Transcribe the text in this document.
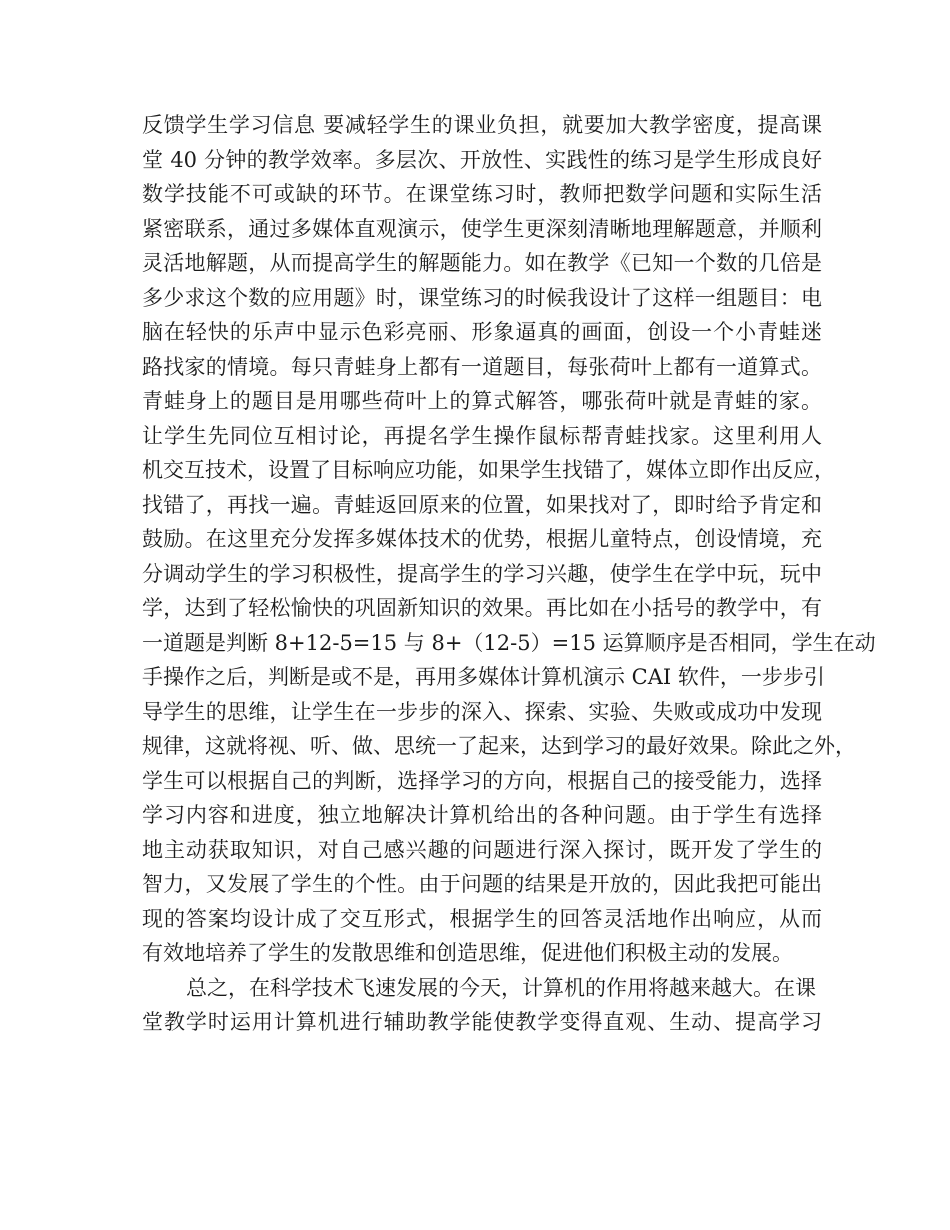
反馈学生学习信息 要减轻学生的课业负担，就要加大教学密度，提高课
堂 40 分钟的教学效率。多层次、开放性、实践性的练习是学生形成良好
数学技能不可或缺的环节。在课堂练习时，教师把数学问题和实际生活
紧密联系，通过多媒体直观演示，使学生更深刻清晰地理解题意，并顺利
灵活地解题，从而提高学生的解题能力。如在教学《已知一个数的几倍是
多少求这个数的应用题》时，课堂练习的时候我设计了这样一组题目：电
脑在轻快的乐声中显示色彩亮丽、形象逼真的画面，创设一个小青蛙迷
路找家的情境。每只青蛙身上都有一道题目，每张荷叶上都有一道算式。
青蛙身上的题目是用哪些荷叶上的算式解答，哪张荷叶就是青蛙的家。
让学生先同位互相讨论，再提名学生操作鼠标帮青蛙找家。这里利用人
机交互技术，设置了目标响应功能，如果学生找错了，媒体立即作出反应，
找错了，再找一遍。青蛙返回原来的位置，如果找对了，即时给予肯定和
鼓励。在这里充分发挥多媒体技术的优势，根据儿童特点，创设情境，充
分调动学生的学习积极性，提高学生的学习兴趣，使学生在学中玩，玩中
学，达到了轻松愉快的巩固新知识的效果。再比如在小括号的教学中，有
一道题是判断 8+12-5=15 与 8+（12-5）=15 运算顺序是否相同，学生在动
手操作之后，判断是或不是，再用多媒体计算机演示 CAI 软件，一步步引
导学生的思维，让学生在一步步的深入、探索、实验、失败或成功中发现
规律，这就将视、听、做、思统一了起来，达到学习的最好效果。除此之外，
学生可以根据自己的判断，选择学习的方向，根据自己的接受能力，选择
学习内容和进度，独立地解决计算机给出的各种问题。由于学生有选择
地主动获取知识，对自己感兴趣的问题进行深入探讨，既开发了学生的
智力，又发展了学生的个性。由于问题的结果是开放的，因此我把可能出
现的答案均设计成了交互形式，根据学生的回答灵活地作出响应，从而
有效地培养了学生的发散思维和创造思维，促进他们积极主动的发展。
总之，在科学技术飞速发展的今天，计算机的作用将越来越大。在课
堂教学时运用计算机进行辅助教学能使教学变得直观、生动、提高学习
